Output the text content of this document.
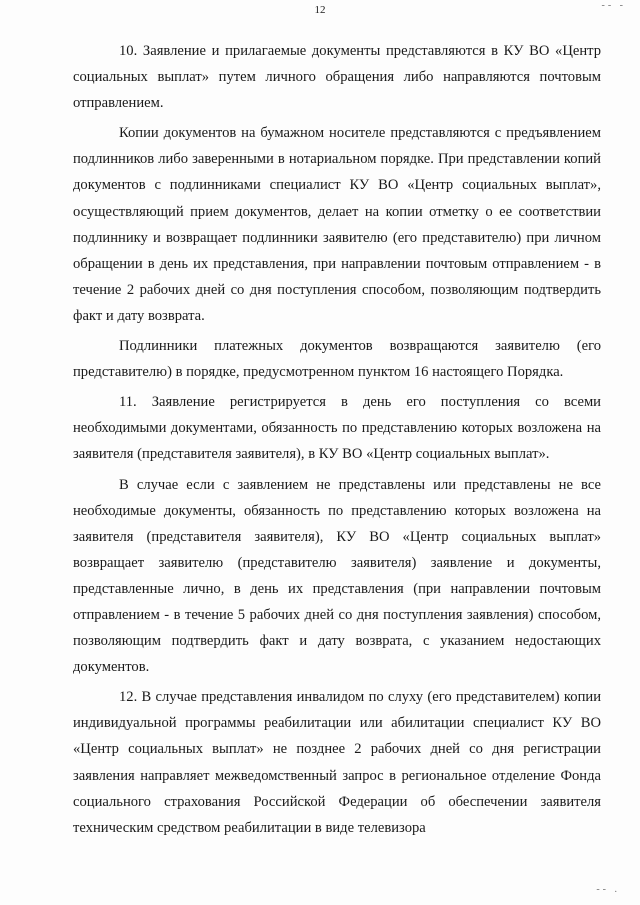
-- -
12

10. Заявление и прилагаемые документы представляются в КУ ВО «Центр социальных выплат» путем личного обращения либо направляются почтовым отправлением.

Копии документов на бумажном носителе представляются с предъявлением подлинников либо заверенными в нотариальном порядке. При представлении копий документов с подлинниками специалист КУ ВО «Центр социальных выплат», осуществляющий прием документов, делает на копии отметку о ее соответствии подлиннику и возвращает подлинники заявителю (его представителю) при личном обращении в день их представления, при направлении почтовым отправлением - в течение 2 рабочих дней со дня поступления способом, позволяющим подтвердить факт и дату возврата.

Подлинники платежных документов возвращаются заявителю (его представителю) в порядке, предусмотренном пунктом 16 настоящего Порядка.

11. Заявление регистрируется в день его поступления со всеми необходимыми документами, обязанность по представлению которых возложена на заявителя (представителя заявителя), в КУ ВО «Центр социальных выплат».

В случае если с заявлением не представлены или представлены не все необходимые документы, обязанность по представлению которых возложена на заявителя (представителя заявителя), КУ ВО «Центр социальных выплат» возвращает заявителю (представителю заявителя) заявление и документы, представленные лично, в день их представления (при направлении почтовым отправлением - в течение 5 рабочих дней со дня поступления заявления) способом, позволяющим подтвердить факт и дату возврата, с указанием недостающих документов.

12. В случае представления инвалидом по слуху (его представителем) копии индивидуальной программы реабилитации или абилитации специалист КУ ВО «Центр социальных выплат» не позднее 2 рабочих дней со дня регистрации заявления направляет межведомственный запрос в региональное отделение Фонда социального страхования Российской Федерации об обеспечении заявителя техническим средством реабилитации в виде телевизора

-- .
